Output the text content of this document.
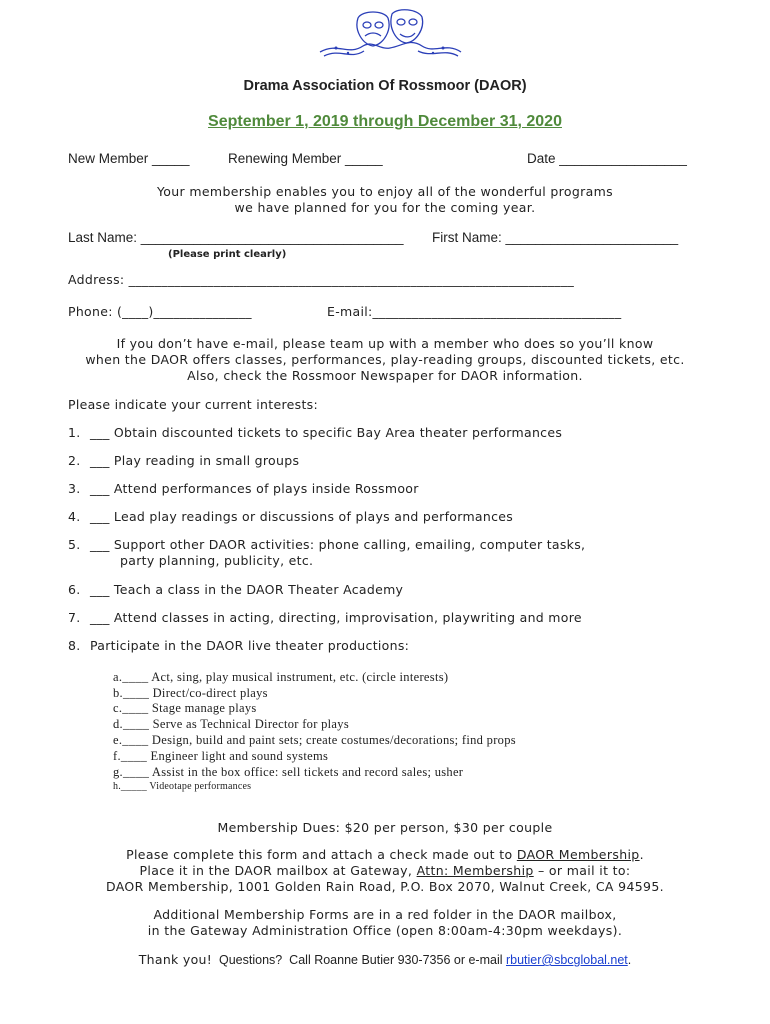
Drama Association Of Rossmoor (DAOR)
September 1, 2019 through December 31, 2020
New Member _____	Renewing Member _____	Date _________________
Your membership enables you to enjoy all of the wonderful programs
we have planned for you for the coming year.
Last Name: ___________________________________ First Name: _______________________
(Please print clearly)
Address: ____________________________________________________________________
Phone: (____)_______________	E-mail:______________________________________
If you don’t have e-mail, please team up with a member who does so you’ll know
when the DAOR offers classes, performances, play-reading groups, discounted tickets, etc.
Also, check the Rossmoor Newspaper for DAOR information.
Please indicate your current interests:
1. ___ Obtain discounted tickets to specific Bay Area theater performances
2. ___ Play reading in small groups
3. ___ Attend performances of plays inside Rossmoor
4. ___ Lead play readings or discussions of plays and performances
5. ___ Support other DAOR activities: phone calling, emailing, computer tasks,
party planning, publicity, etc.
6. ___ Teach a class in the DAOR Theater Academy
7. ___ Attend classes in acting, directing, improvisation, playwriting and more
8. Participate in the DAOR live theater productions:
a.____ Act, sing, play musical instrument, etc. (circle interests)
b.____ Direct/co-direct plays
c.____ Stage manage plays
d.____ Serve as Technical Director for plays
e.____ Design, build and paint sets; create costumes/decorations; find props
f.____ Engineer light and sound systems
g.____ Assist in the box office: sell tickets and record sales; usher
h._____ Videotape performances
Membership Dues: $20 per person, $30 per couple
Please complete this form and attach a check made out to DAOR Membership.
Place it in the DAOR mailbox at Gateway, Attn: Membership – or mail it to:
DAOR Membership, 1001 Golden Rain Road, P.O. Box 2070, Walnut Creek, CA 94595.
Additional Membership Forms are in a red folder in the DAOR mailbox,
in the Gateway Administration Office (open 8:00am-4:30pm weekdays).
Thank you!  Questions?  Call Roanne Butier 930-7356 or e-mail rbutier@sbcglobal.net.
